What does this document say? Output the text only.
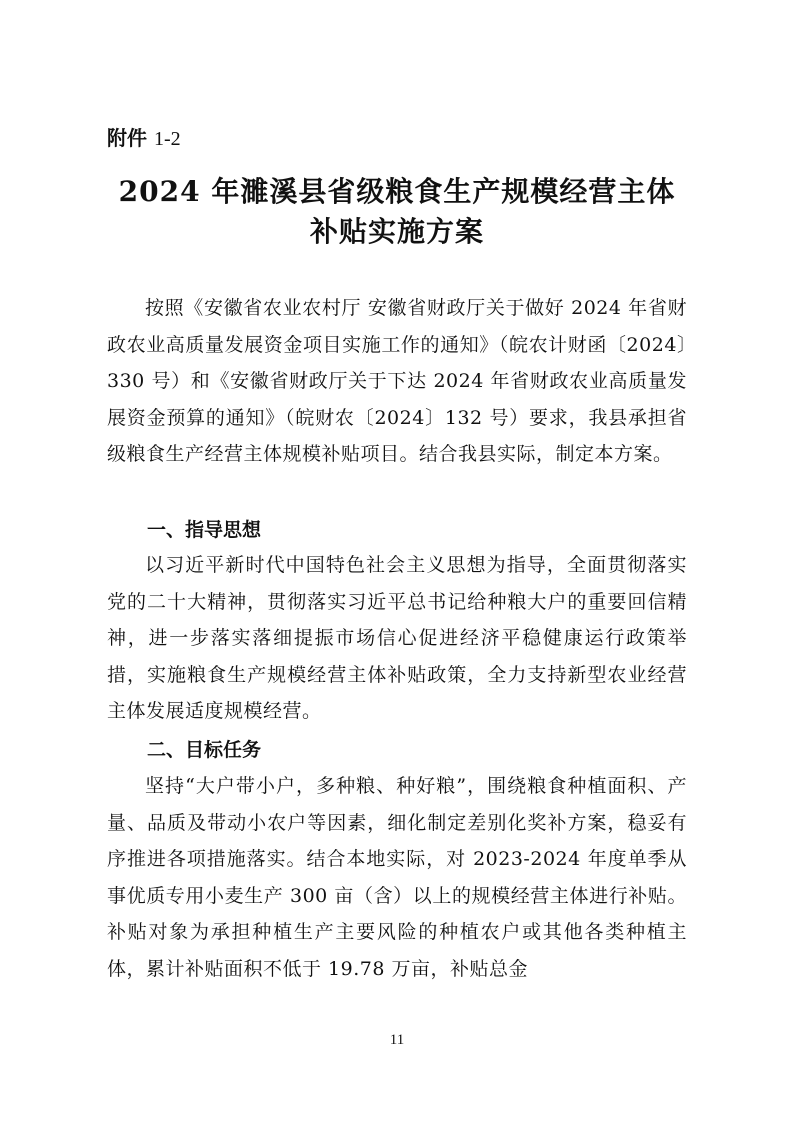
附件 1-2
2024 年濉溪县省级粮食生产规模经营主体
补贴实施方案

按照《安徽省农业农村厅 安徽省财政厅关于做好 2024 年省财政农业高质量发展资金项目实施工作的通知》（皖农计财函〔2024〕330 号）和《安徽省财政厅关于下达 2024 年省财政农业高质量发展资金预算的通知》（皖财农〔2024〕132 号）要求，我县承担省级粮食生产经营主体规模补贴项目。结合我县实际，制定本方案。

一、指导思想

以习近平新时代中国特色社会主义思想为指导，全面贯彻落实党的二十大精神，贯彻落实习近平总书记给种粮大户的重要回信精神，进一步落实落细提振市场信心促进经济平稳健康运行政策举措，实施粮食生产规模经营主体补贴政策，全力支持新型农业经营主体发展适度规模经营。

二、目标任务

坚持“大户带小户，多种粮、种好粮”，围绕粮食种植面积、产量、品质及带动小农户等因素，细化制定差别化奖补方案，稳妥有序推进各项措施落实。结合本地实际，对 2023-2024 年度单季从事优质专用小麦生产 300 亩（含）以上的规模经营主体进行补贴。补贴对象为承担种植生产主要风险的种植农户或其他各类种植主体，累计补贴面积不低于 19.78 万亩，补贴总金

11
